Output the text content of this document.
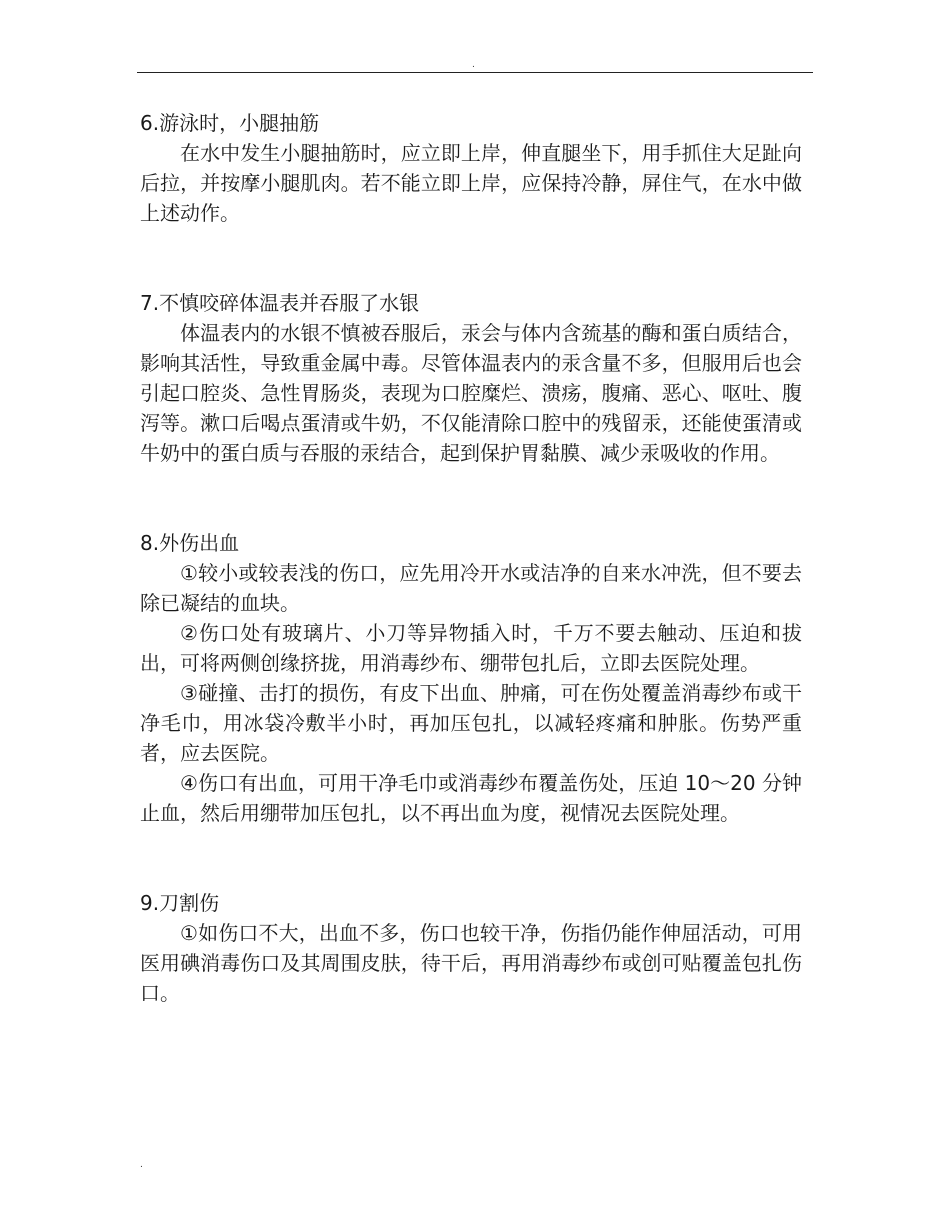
.
6.游泳时，小腿抽筋

在水中发生小腿抽筋时，应立即上岸，伸直腿坐下，用手抓住大足趾向后拉，并按摩小腿肌肉。若不能立即上岸，应保持冷静，屏住气，在水中做上述动作。

7.不慎咬碎体温表并吞服了水银

体温表内的水银不慎被吞服后，汞会与体内含巯基的酶和蛋白质结合，影响其活性，导致重金属中毒。尽管体温表内的汞含量不多，但服用后也会引起口腔炎、急性胃肠炎，表现为口腔糜烂、溃疡，腹痛、恶心、呕吐、腹泻等。漱口后喝点蛋清或牛奶，不仅能清除口腔中的残留汞，还能使蛋清或牛奶中的蛋白质与吞服的汞结合，起到保护胃黏膜、减少汞吸收的作用。

8.外伤出血

①较小或较表浅的伤口，应先用冷开水或洁净的自来水冲洗，但不要去除已凝结的血块。

②伤口处有玻璃片、小刀等异物插入时，千万不要去触动、压迫和拔出，可将两侧创缘挤拢，用消毒纱布、绷带包扎后，立即去医院处理。

③碰撞、击打的损伤，有皮下出血、肿痛，可在伤处覆盖消毒纱布或干净毛巾，用冰袋冷敷半小时，再加压包扎，以减轻疼痛和肿胀。伤势严重者，应去医院。

④伤口有出血，可用干净毛巾或消毒纱布覆盖伤处，压迫 10～20 分钟止血，然后用绷带加压包扎，以不再出血为度，视情况去医院处理。

9.刀割伤

①如伤口不大，出血不多，伤口也较干净，伤指仍能作伸屈活动，可用医用碘消毒伤口及其周围皮肤，待干后，再用消毒纱布或创可贴覆盖包扎伤口。

.
